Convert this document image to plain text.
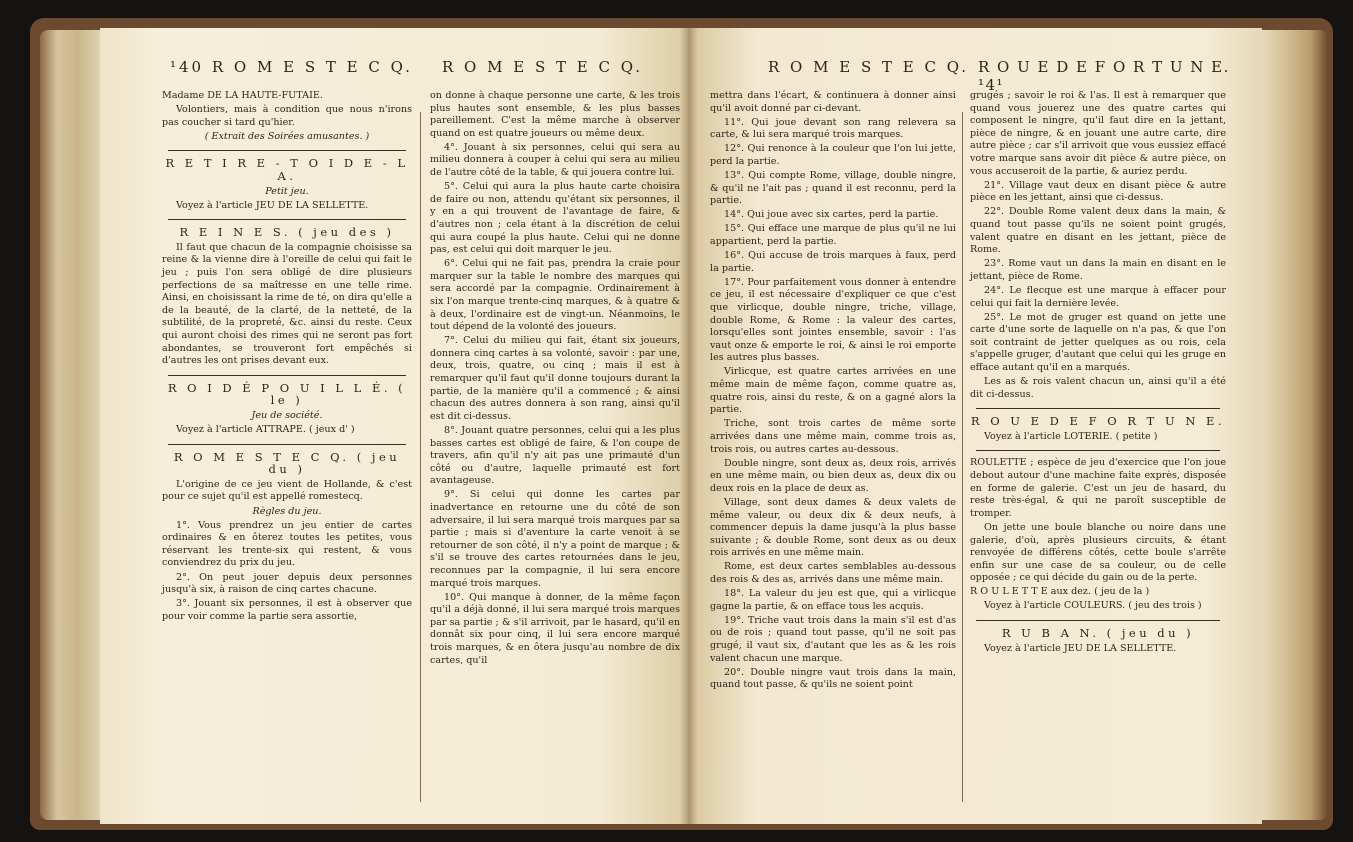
¹40 R O M E S T E C Q. R O M E S T E C Q.

Madame DE LA HAUTE-FUTAIE.

Volontiers, mais à condition que nous n'irons pas coucher si tard qu'hier.

( Extrait des Soirées amusantes. )

R E T I R E - T O I D E - L A.

Petit jeu.

Voyez à l'article JEU DE LA SELLETTE.

R E I N E S. ( jeu des )

Il faut que chacun de la compagnie choisisse sa reine & la vienne dire à l'oreille de celui qui fait le jeu ; puis l'on sera obligé de dire plusieurs perfections de sa maîtresse en une telle rime. Ainsi, en choisissant la rime de té, on dira qu'elle a de la beauté, de la clarté, de la netteté, de la subtilité, de la propreté, &c. ainsi du reste. Ceux qui auront choisi des rimes qui ne seront pas fort abondantes, se trouveront fort empêchés si d'autres les ont prises devant eux.

R O I D É P O U I L L É. ( le )

Jeu de société.

Voyez à l'article ATTRAPE. ( jeux d' )

R O M E S T E C Q. ( jeu du )

L'origine de ce jeu vient de Hollande, & c'est pour ce sujet qu'il est appellé romestecq.

Règles du jeu.

1°. Vous prendrez un jeu entier de cartes ordinaires & en ôterez toutes les petites, vous réservant les trente-six qui restent, & vous conviendrez du prix du jeu.

2°. On peut jouer depuis deux personnes jusqu'à six, à raison de cinq cartes chacune.

3°. Jouant six personnes, il est à observer que pour voir comme la partie sera assortie,

on donne à chaque personne une carte, & les trois plus hautes sont ensemble, & les plus basses pareillement. C'est la même marche à observer quand on est quatre joueurs ou même deux.

4°. Jouant à six personnes, celui qui sera au milieu donnera à couper à celui qui sera au milieu de l'autre côté de la table, & qui jouera contre lui.

5°. Celui qui aura la plus haute carte choisira de faire ou non, attendu qu'étant six personnes, il y en a qui trouvent de l'avantage de faire, & d'autres non ; cela étant à la discrétion de celui qui aura coupé la plus haute. Celui qui ne donne pas, est celui qui doit marquer le jeu.

6°. Celui qui ne fait pas, prendra la craie pour marquer sur la table le nombre des marques qui sera accordé par la compagnie. Ordinairement à six l'on marque trente-cinq marques, & à quatre & à deux, l'ordinaire est de vingt-un. Néanmoins, le tout dépend de la volonté des joueurs.

7°. Celui du milieu qui fait, étant six joueurs, donnera cinq cartes à sa volonté, savoir : par une, deux, trois, quatre, ou cinq ; mais il est à remarquer qu'il faut qu'il donne toujours durant la partie, de la manière qu'il a commencé ; & ainsi chacun des autres donnera à son rang, ainsi qu'il est dit ci-dessus.

8°. Jouant quatre personnes, celui qui a les plus basses cartes est obligé de faire, & l'on coupe de travers, afin qu'il n'y ait pas une primauté d'un côté ou d'autre, laquelle primauté est fort avantageuse.

9°. Si celui qui donne les cartes par inadvertance en retourne une du côté de son adversaire, il lui sera marqué trois marques par sa partie ; mais si d'aventure la carte venoit à se retourner de son côté, il n'y a point de marque ; & s'il se trouve des cartes retournées dans le jeu, reconnues par la compagnie, il lui sera encore marqué trois marques.

10°. Qui manque à donner, de la même façon qu'il a déjà donné, il lui sera marqué trois marques par sa partie ; & s'il arrivoit, par le hasard, qu'il en donnât six pour cinq, il lui sera encore marqué trois marques, & en ôtera jusqu'au nombre de dix cartes, qu'il

R O M E S T E C Q. R O U E D E F O R T U N E. ¹4¹

mettra dans l'écart, & continuera à donner ainsi qu'il avoit donné par ci-devant.

11°. Qui joue devant son rang relevera sa carte, & lui sera marqué trois marques.

12°. Qui renonce à la couleur que l'on lui jette, perd la partie.

13°. Qui compte Rome, village, double ningre, & qu'il ne l'ait pas ; quand il est reconnu, perd la partie.

14°. Qui joue avec six cartes, perd la partie.

15°. Qui efface une marque de plus qu'il ne lui appartient, perd la partie.

16°. Qui accuse de trois marques à faux, perd la partie.

17°. Pour parfaitement vous donner à entendre ce jeu, il est nécessaire d'expliquer ce que c'est que virlicque, double ningre, triche, village, double Rome, & Rome : la valeur des cartes, lorsqu'elles sont jointes ensemble, savoir : l'as vaut onze & emporte le roi, & ainsi le roi emporte les autres plus basses.

Virlicque, est quatre cartes arrivées en une même main de même façon, comme quatre as, quatre rois, ainsi du reste, & on a gagné alors la partie.

Triche, sont trois cartes de même sorte arrivées dans une même main, comme trois as, trois rois, ou autres cartes au-dessous.

Double ningre, sont deux as, deux rois, arrivés en une même main, ou bien deux as, deux dix ou deux rois en la place de deux as.

Village, sont deux dames & deux valets de même valeur, ou deux dix & deux neufs, à commencer depuis la dame jusqu'à la plus basse suivante ; & double Rome, sont deux as ou deux rois arrivés en une même main.

Rome, est deux cartes semblables au-dessous des rois & des as, arrivés dans une même main.

18°. La valeur du jeu est que, qui a virlicque gagne la partie, & on efface tous les acquis.

19°. Triche vaut trois dans la main s'il est d'as ou de rois ; quand tout passe, qu'il ne soit pas grugé, il vaut six, d'autant que les as & les rois valent chacun une marque.

20°. Double ningre vaut trois dans la main, quand tout passe, & qu'ils ne soient point

grugés ; savoir le roi & l'as. Il est à remarquer que quand vous jouerez une des quatre cartes qui composent le ningre, qu'il faut dire en la jettant, pièce de ningre, & en jouant une autre carte, dire autre pièce ; car s'il arrivoit que vous eussiez effacé votre marque sans avoir dit pièce & autre pièce, on vous accuseroit de la partie, & auriez perdu.

21°. Village vaut deux en disant pièce & autre pièce en les jettant, ainsi que ci-dessus.

22°. Double Rome valent deux dans la main, & quand tout passe qu'ils ne soient point grugés, valent quatre en disant en les jettant, pièce de Rome.

23°. Rome vaut un dans la main en disant en le jettant, pièce de Rome.

24°. Le flecque est une marque à effacer pour celui qui fait la dernière levée.

25°. Le mot de gruger est quand on jette une carte d'une sorte de laquelle on n'a pas, & que l'on soit contraint de jetter quelques as ou rois, cela s'appelle gruger, d'autant que celui qui les gruge en efface autant qu'il en a marqués.

Les as & rois valent chacun un, ainsi qu'il a été dit ci-dessus.

R O U E D E F O R T U N E.

Voyez à l'article LOTERIE. ( petite )

ROULETTE ; espèce de jeu d'exercice que l'on joue debout autour d'une machine faite exprès, disposée en forme de galerie. C'est un jeu de hasard, du reste très-égal, & qui ne paroît susceptible de tromper.

On jette une boule blanche ou noire dans une galerie, d'où, après plusieurs circuits, & étant renvoyée de différens côtés, cette boule s'arrête enfin sur une case de sa couleur, ou de celle opposée ; ce qui décide du gain ou de la perte.

R O U L E T T E aux dez. ( jeu de la )

Voyez à l'article COULEURS. ( jeu des trois )

R U B A N. ( jeu du )

Voyez à l'article JEU DE LA SELLETTE.
